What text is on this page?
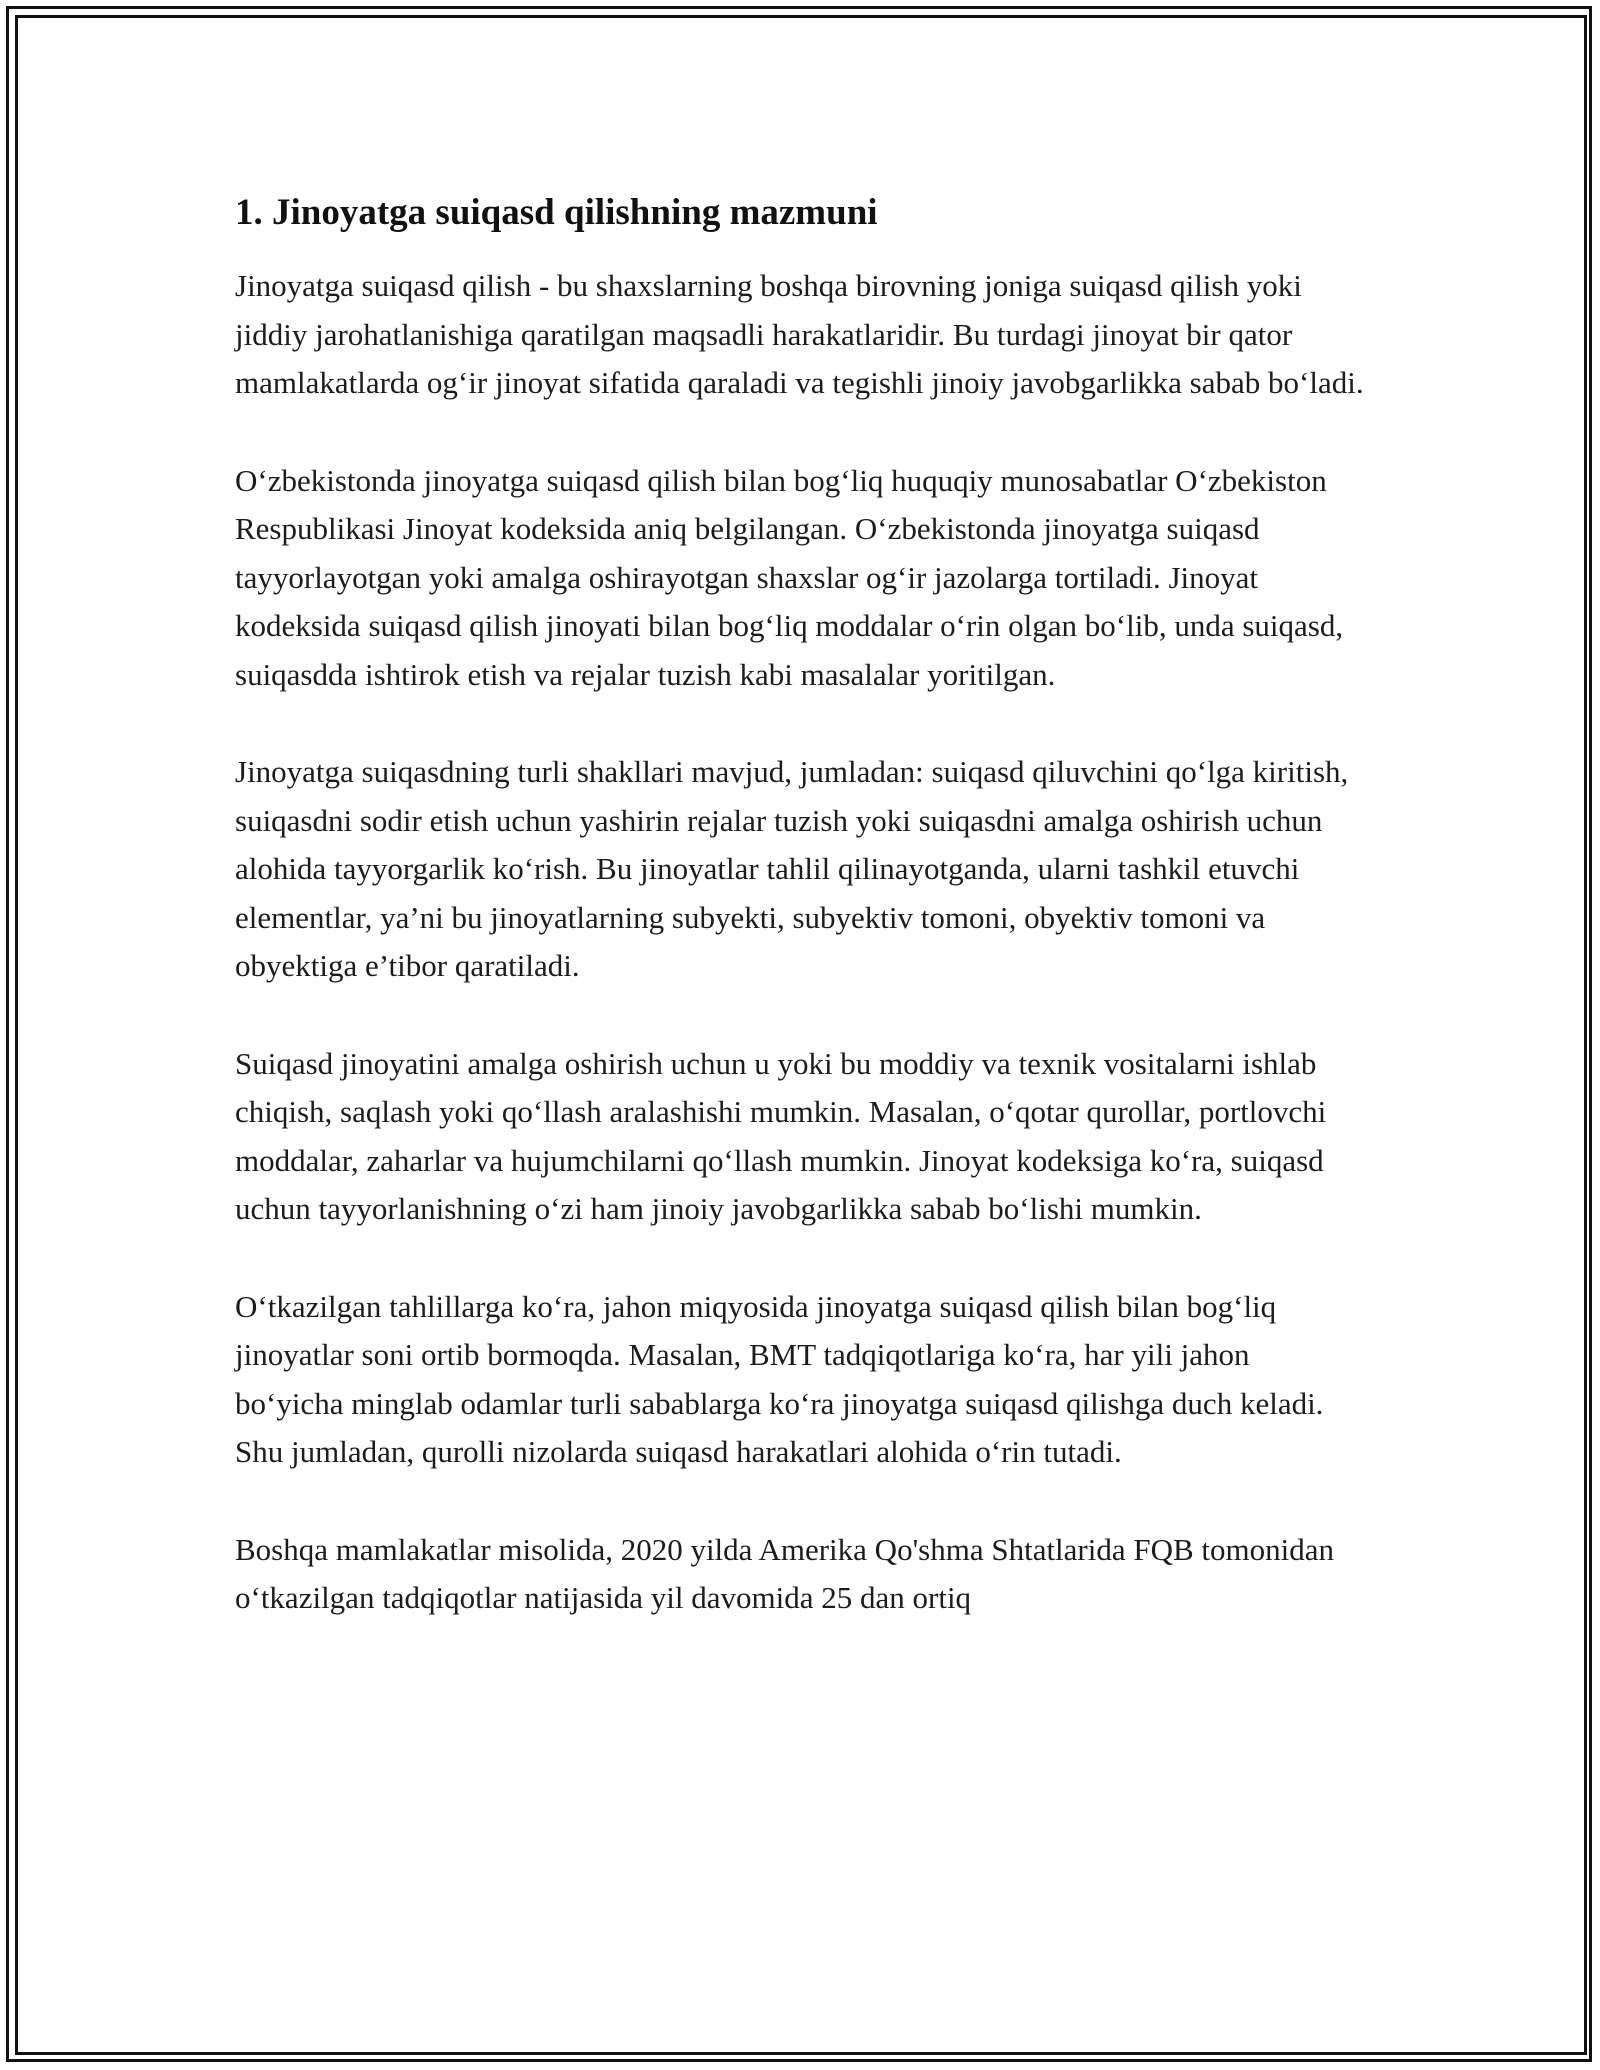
1. Jinoyatga suiqasd qilishning mazmuni

Jinoyatga suiqasd qilish - bu shaxslarning boshqa birovning joniga suiqasd qilish yoki jiddiy jarohatlanishiga qaratilgan maqsadli harakatlaridir. Bu turdagi jinoyat bir qator mamlakatlarda og‘ir jinoyat sifatida qaraladi va tegishli jinoiy javobgarlikka sabab bo‘ladi.

O‘zbekistonda jinoyatga suiqasd qilish bilan bog‘liq huquqiy munosabatlar O‘zbekiston Respublikasi Jinoyat kodeksida aniq belgilangan. O‘zbekistonda jinoyatga suiqasd tayyorlayotgan yoki amalga oshirayotgan shaxslar og‘ir jazolarga tortiladi. Jinoyat kodeksida suiqasd qilish jinoyati bilan bog‘liq moddalar o‘rin olgan bo‘lib, unda suiqasd, suiqasdda ishtirok etish va rejalar tuzish kabi masalalar yoritilgan.

Jinoyatga suiqasdning turli shakllari mavjud, jumladan: suiqasd qiluvchini qo‘lga kiritish, suiqasdni sodir etish uchun yashirin rejalar tuzish yoki suiqasdni amalga oshirish uchun alohida tayyorgarlik ko‘rish. Bu jinoyatlar tahlil qilinayotganda, ularni tashkil etuvchi elementlar, ya’ni bu jinoyatlarning subyekti, subyektiv tomoni, obyektiv tomoni va obyektiga e’tibor qaratiladi.

Suiqasd jinoyatini amalga oshirish uchun u yoki bu moddiy va texnik vositalarni ishlab chiqish, saqlash yoki qo‘llash aralashishi mumkin. Masalan, o‘qotar qurollar, portlovchi moddalar, zaharlar va hujumchilarni qo‘llash mumkin. Jinoyat kodeksiga ko‘ra, suiqasd uchun tayyorlanishning o‘zi ham jinoiy javobgarlikka sabab bo‘lishi mumkin.

O‘tkazilgan tahlillarga ko‘ra, jahon miqyosida jinoyatga suiqasd qilish bilan bog‘liq jinoyatlar soni ortib bormoqda. Masalan, BMT tadqiqotlariga ko‘ra, har yili jahon bo‘yicha minglab odamlar turli sabablarga ko‘ra jinoyatga suiqasd qilishga duch keladi. Shu jumladan, qurolli nizolarda suiqasd harakatlari alohida o‘rin tutadi.

Boshqa mamlakatlar misolida, 2020 yilda Amerika Qo'shma Shtatlarida FQB tomonidan o‘tkazilgan tadqiqotlar natijasida yil davomida 25 dan ortiq
